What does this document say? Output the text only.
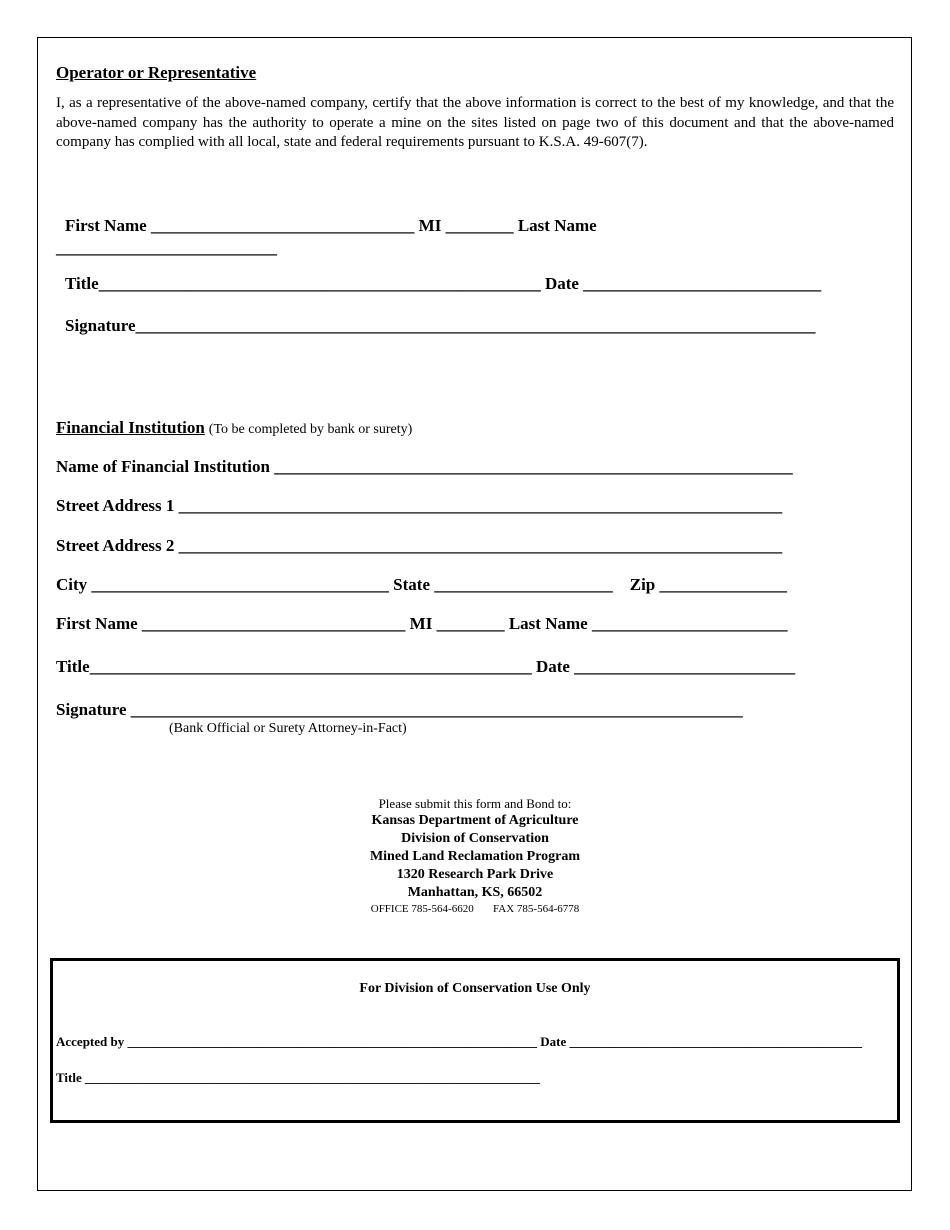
Operator or Representative
I, as a representative of the above-named company, certify that the above information is correct to the best of my knowledge, and that the above-named company has the authority to operate a mine on the sites listed on page two of this document and that the above-named company has complied with all local, state and federal requirements pursuant to K.S.A. 49-607(7).
First Name _______________________________ MI ________ Last Name
__________________________
Title____________________________________________________ Date ____________________________
Signature________________________________________________________________________________
Financial Institution (To be completed by bank or surety)
Name of Financial Institution _____________________________________________________________
Street Address 1 _______________________________________________________________________
Street Address 2 _______________________________________________________________________
City ___________________________________ State _____________________    Zip _______________
First Name _______________________________ MI ________ Last Name _______________________
Title____________________________________________________ Date __________________________
Signature ________________________________________________________________________
(Bank Official or Surety Attorney-in-Fact)
Please submit this form and Bond to:
Kansas Department of Agriculture
Division of Conservation
Mined Land Reclamation Program
1320 Research Park Drive
Manhattan, KS, 66502
OFFICE 785-564-6620 FAX 785-564-6778
For Division of Conservation Use Only
Accepted by _______________________________________________________________ Date _____________________________________________
Title ______________________________________________________________________
